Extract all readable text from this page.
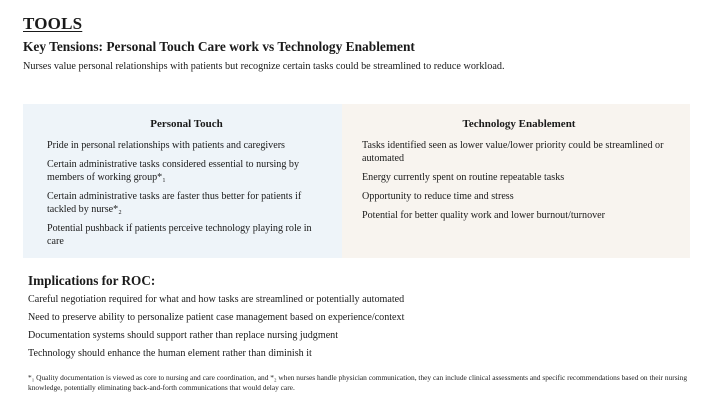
TOOLS
Key Tensions: Personal Touch Care work vs Technology Enablement

Nurses value personal relationships with patients but recognize certain tasks could be streamlined to reduce workload.

Personal Touch
Pride in personal relationships with patients and caregivers
Certain administrative tasks considered essential to nursing by members of working group*₁
Certain administrative tasks are faster thus better for patients if tackled by nurse*₂
Potential pushback if patients perceive technology playing role in care
Technology Enablement
Tasks identified seen as lower value/lower priority could be streamlined or automated
Energy currently spent on routine repeatable tasks
Opportunity to reduce time and stress
Potential for better quality work and lower burnout/turnover
Implications for ROC:
Careful negotiation required for what and how tasks are streamlined or potentially automated
Need to preserve ability to personalize patient case management based on experience/context
Documentation systems should support rather than replace nursing judgment
Technology should enhance the human element rather than diminish it

*₁ Quality documentation is viewed as core to nursing and care coordination, and *₂ when nurses handle physician communication, they can include clinical assessments and specific recommendations based on their nursing knowledge, potentially eliminating back-and-forth communications that would delay care.
